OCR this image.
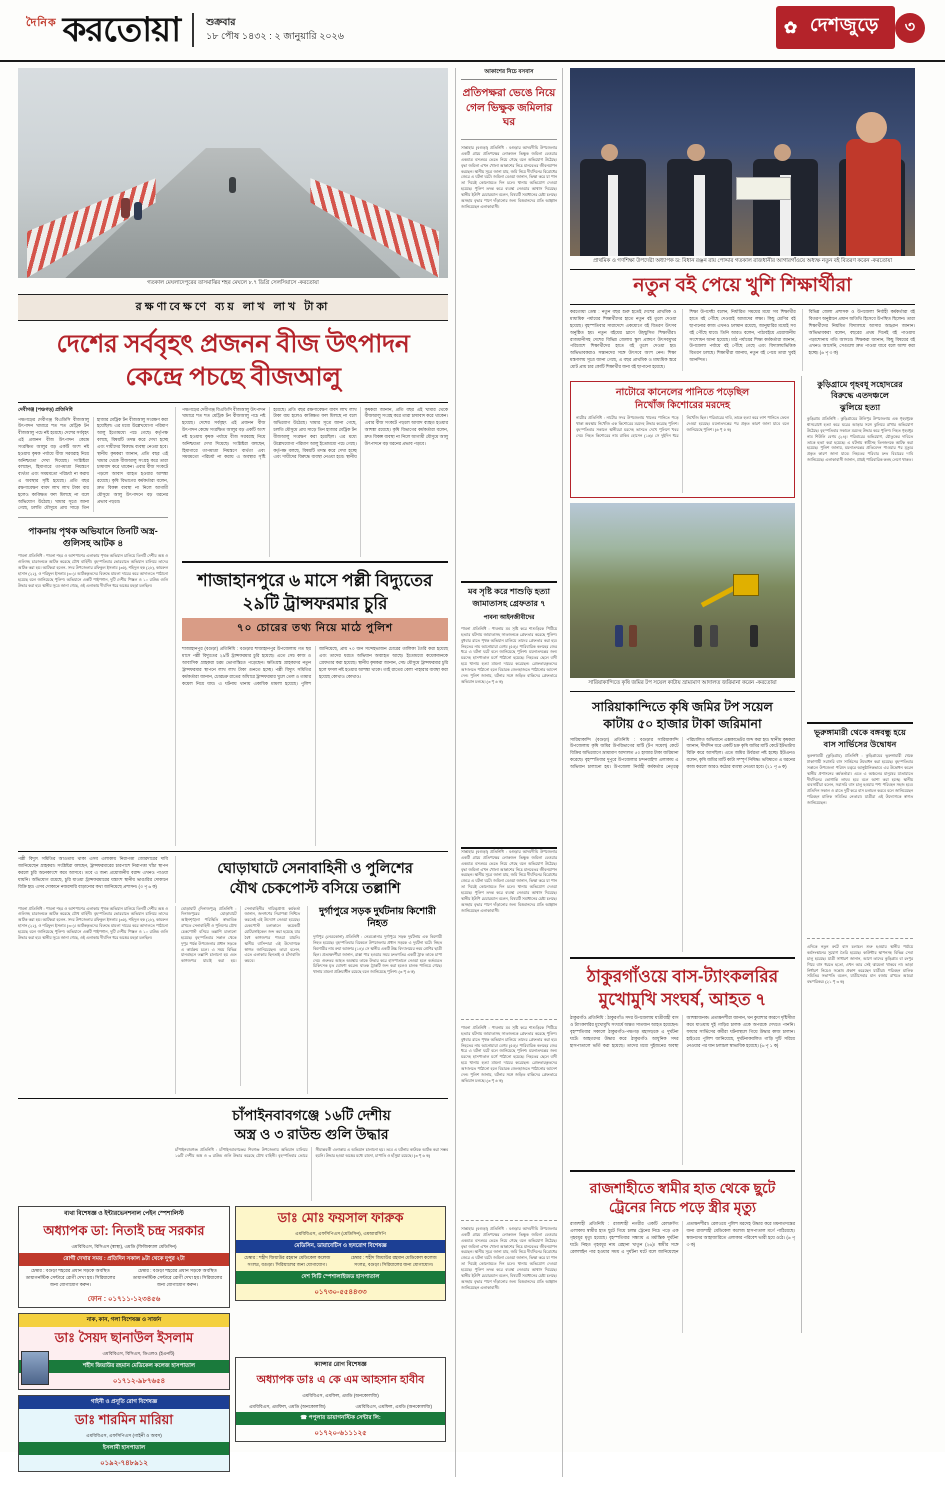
দৈনিক করতোয়া	শুক্রবার
১৮ পৌষ ১৪৩২ : ২ জানুয়ারি ২০২৬	✿ দেশজুড়ে	৩
গতকাল মেঘলাদেপুরের তাসমাঝির শহর মেঘলে ৮.৭ ডিগ্রি সেলসিয়াসে -করতোয়া
রক্ষণাবেক্ষণে ব্যয় লাখ লাখ টাকা
দেশের সর্ববৃহৎ প্রজনন বীজ উৎপাদন
কেন্দ্রে পচছে বীজআলু
দেবীগঞ্জ (পঞ্চগড়) প্রতিনিধি
পঞ্চগড়ের দেবীগঞ্জ বিএডিসি বীজআলু উৎপাদন খামারে শত শত মেট্রিক টন বীজআলু পচে নষ্ট হয়েছে। দেশের সর্ববৃহৎ এই প্রজনন বীজ উৎপাদন কেন্দ্রে সংরক্ষিত আলুর বড় একটি অংশ নষ্ট হওয়ায় কৃষক পর্যায়ে বীজ সরবরাহ নিয়ে অনিশ্চয়তা দেখা দিয়েছে। সংশ্লিষ্টরা বলছেন, হিমাগারে তাপমাত্রা নিয়ন্ত্রণে ব্যর্থতা এবং সময়মতো পরিচর্যা না করায় এ অবস্থার সৃষ্টি হয়েছে। প্রতি বছর রক্ষণাবেক্ষণ বাবদ লাখ লাখ টাকা ব্যয় হলেও কাঙ্ক্ষিত ফল মিলছে না বলে অভিযোগ উঠেছে। খামার সূত্রে জানা গেছে, চলতি মৌসুমে প্রায় সাড়ে তিন হাজার মেট্রিক টন বীজআলু সংরক্ষণ করা হয়েছিল। এর মধ্যে উল্লেখযোগ্য পরিমাণ আলু ইতোমধ্যে পচে গেছে। কর্তৃপক্ষ বলছে, বিষয়টি তদন্ত করে দেখা হচ্ছে এবং দায়ীদের বিরুদ্ধে ব্যবস্থা নেওয়া হবে। স্থানীয় কৃষকরা জানান, প্রতি বছর এই খামার থেকে বীজআলু সংগ্রহ করে তারা চাষাবাদ করে থাকেন। এবার বীজ সংকটে পড়লে আবাদ ব্যাহত হওয়ার আশঙ্কা রয়েছে। কৃষি বিভাগের কর্মকর্তারা বলেন, দ্রুত বিকল্প ব্যবস্থা না নিলে আগামী মৌসুমে আলু উৎপাদনে বড় ধরনের প্রভাব পড়বে।
পাকনায় পৃথক অভিযানে তিনটি অস্ত্র-গুলিসহ আটক ৪
পাবনা প্রতিনিধি : পাবনা শহর ও আশপাশের এলাকায় পৃথক অভিযান চালিয়ে তিনটি দেশীয় অস্ত্র ও গুলিসহ চারজনকে আটক করেছে যৌথ বাহিনী। বৃহস্পতিবার ভোররাতে অভিযান চালিয়ে তাদের আটক করা হয়। আটকরা হলেন- সদর উপজেলার রফিকুল ইসলাম (৩৫), শহিদুল হক (২৮), কামরুল হাসান (২২), ও শরিফুল ইসলাম (৩০)। আটককৃতদের বিরুদ্ধে মামলা দায়ের করে আদালতে পাঠানো হয়েছে বলে জানিয়েছে পুলিশ। অভিযানে একটি পাইপগান, দুটি দেশীয় পিস্তল ও ১০ রাউন্ড গুলি উদ্ধার করা হয়। স্থানীয় সূত্রে জানা গেছে, ওই এলাকায় দীর্ঘদিন ধরে অস্ত্রের মহড়া চলছিল।
পঞ্চগড়ের দেবীগঞ্জ বিএডিসি বীজআলু উৎপাদন খামারে শত শত মেট্রিক টন বীজআলু পচে নষ্ট হয়েছে। দেশের সর্ববৃহৎ এই প্রজনন বীজ উৎপাদন কেন্দ্রে সংরক্ষিত আলুর বড় একটি অংশ নষ্ট হওয়ায় কৃষক পর্যায়ে বীজ সরবরাহ নিয়ে অনিশ্চয়তা দেখা দিয়েছে। সংশ্লিষ্টরা বলছেন, হিমাগারে তাপমাত্রা নিয়ন্ত্রণে ব্যর্থতা এবং সময়মতো পরিচর্যা না করায় এ অবস্থার সৃষ্টি হয়েছে। প্রতি বছর রক্ষণাবেক্ষণ বাবদ লাখ লাখ টাকা ব্যয় হলেও কাঙ্ক্ষিত ফল মিলছে না বলে অভিযোগ উঠেছে। খামার সূত্রে জানা গেছে, চলতি মৌসুমে প্রায় সাড়ে তিন হাজার মেট্রিক টন বীজআলু সংরক্ষণ করা হয়েছিল। এর মধ্যে উল্লেখযোগ্য পরিমাণ আলু ইতোমধ্যে পচে গেছে। কর্তৃপক্ষ বলছে, বিষয়টি তদন্ত করে দেখা হচ্ছে এবং দায়ীদের বিরুদ্ধে ব্যবস্থা নেওয়া হবে। স্থানীয় কৃষকরা জানান, প্রতি বছর এই খামার থেকে বীজআলু সংগ্রহ করে তারা চাষাবাদ করে থাকেন। এবার বীজ সংকটে পড়লে আবাদ ব্যাহত হওয়ার আশঙ্কা রয়েছে। কৃষি বিভাগের কর্মকর্তারা বলেন, দ্রুত বিকল্প ব্যবস্থা না নিলে আগামী মৌসুমে আলু উৎপাদনে বড় ধরনের প্রভাব পড়বে।
শাজাহানপুরে ৬ মাসে পল্লী বিদ্যুতের
২৯টি ট্রান্সফরমার চুরি
৭০ চোরের তথ্য নিয়ে মাঠে পুলিশ
শাজাহানপুর (বগুড়া) প্রতিনিধি : বগুড়ার শাজাহানপুর উপজেলায় গত ছয় মাসে পল্লী বিদ্যুতের ২৯টি ট্রান্সফরমার চুরি হয়েছে। এতে সেচ কাজ ও আবাসিক গ্রাহকরা চরম ভোগান্তিতে পড়েছেন। ক্ষতিগ্রস্ত গ্রাহকদের নতুন ট্রান্সফরমার স্থাপনে লাখ লাখ টাকা গুনতে হচ্ছে। পল্লী বিদ্যুৎ সমিতির কর্মকর্তারা জানান, চোরচক্র রাতের আঁধারে ট্রান্সফরমার খুলে তেল ও তামার কয়েল নিয়ে যায়। এ ঘটনায় থানায় একাধিক মামলা হয়েছে। পুলিশ জানিয়েছে, প্রায় ৭০ জন সন্দেহভাজন চোরের তালিকা তৈরি করা হয়েছে এবং তাদের ধরতে অভিযান অব্যাহত আছে। ইতোমধ্যে কয়েকজনকে গ্রেফতার করা হয়েছে। স্থানীয় কৃষকরা জানান, সেচ মৌসুমে ট্রান্সফরমার চুরি হলে ফসল নষ্ট হওয়ার আশঙ্কা থাকে। তাই রাতের বেলা পাহারার ব্যবস্থা করা হয়েছে কোথাও কোথাও।
পল্লী বিদ্যুৎ সমিতির আওতায় থাকা এসব এলাকায় নিরাপত্তা জোরদারের দাবি জানিয়েছেন গ্রাহকরা। সংশ্লিষ্টরা বলছেন, ট্রান্সফরমারের চারপাশে নিরাপত্তা খাঁচা স্থাপন করলে চুরি অনেকাংশে কমে আসবে। তবে এ জন্য প্রয়োজনীয় বরাদ্দ এখনও পাওয়া যায়নি। অভিযোগ রয়েছে, চুরি যাওয়া ট্রান্সফরমারের যন্ত্রাংশ স্থানীয় ভাঙারির দোকানে বিক্রি হয়। এসব দোকানে নজরদারি বাড়ানোর কথা জানিয়েছে প্রশাসন। (৩ পৃ ৬ ক)
ঘোড়াঘাটে সেনাবাহিনী ও পুলিশের
যৌথ চেকপোস্ট বসিয়ে তল্লাশি
পাবনা প্রতিনিধি : পাবনা শহর ও আশপাশের এলাকায় পৃথক অভিযান চালিয়ে তিনটি দেশীয় অস্ত্র ও গুলিসহ চারজনকে আটক করেছে যৌথ বাহিনী। বৃহস্পতিবার ভোররাতে অভিযান চালিয়ে তাদের আটক করা হয়। আটকরা হলেন- সদর উপজেলার রফিকুল ইসলাম (৩৫), শহিদুল হক (২৮), কামরুল হাসান (২২), ও শরিফুল ইসলাম (৩০)। আটককৃতদের বিরুদ্ধে মামলা দায়ের করে আদালতে পাঠানো হয়েছে বলে জানিয়েছে পুলিশ। অভিযানে একটি পাইপগান, দুটি দেশীয় পিস্তল ও ১০ রাউন্ড গুলি উদ্ধার করা হয়। স্থানীয় সূত্রে জানা গেছে, ওই এলাকায় দীর্ঘদিন ধরে অস্ত্রের মহড়া চলছিল।
ঘোড়াঘাট (দিনাজপুর) প্রতিনিধি : দিনাজপুরের ঘোড়াঘাটে আইনশৃঙ্খলা পরিস্থিতি স্বাভাবিক রাখতে সেনাবাহিনী ও পুলিশের যৌথ চেকপোস্ট বসিয়ে তল্লাশি চালানো হয়েছে। বৃহস্পতিবার সকাল থেকে দুপুর পর্যন্ত উপজেলার প্রধান সড়কে এ কার্যক্রম চলে। এ সময় বিভিন্ন যানবাহনে তল্লাশি চালানো হয় এবং কাগজপত্র যাচাই করা হয়। সেনাবাহিনীর দায়িত্বপ্রাপ্ত কর্মকর্তা জানান, জনগণের নিরাপত্তা নিশ্চিত করতেই এই উদ্যোগ নেওয়া হয়েছে। চেকপোস্ট চলাকালে কয়েকটি মোটরসাইকেল জব্দ করা হয়েছে যার বৈধ কাগজপত্র পাওয়া যায়নি। স্থানীয় বাসিন্দারা এই উদ্যোগকে স্বাগত জানিয়েছেন। তারা বলেন, এতে এলাকায় ছিনতাই ও চাঁদাবাজি কমবে।
দুর্গাপুরে সড়ক দুর্ঘটনায় কিশোরী নিহত
দুর্গাপুর (নেত্রকোনা) প্রতিনিধি : নেত্রকোনার দুর্গাপুরে সড়ক দুর্ঘটনায় এক কিশোরী নিহত হয়েছে। বৃহস্পতিবার বিকেলে উপজেলার প্রধান সড়কে এ দুর্ঘটনা ঘটে। নিহত কিশোরীর নাম রুমা আক্তার (১৪)। সে স্থানীয় একটি উচ্চ বিদ্যালয়ের নবম শ্রেণির ছাত্রী ছিল। প্রত্যক্ষদর্শীরা জানান, রাস্তা পার হওয়ার সময় দ্রুতগতির একটি ট্রাক তাকে চাপা দেয়। গুরুতর আহত অবস্থায় তাকে উদ্ধার করে হাসপাতালে নেওয়া হলে কর্তব্যরত চিকিৎসক মৃত ঘোষণা করেন। ঘাতক ট্রাকটি জব্দ করা হলেও চালক পালিয়ে গেছে। থানায় মামলা প্রক্রিয়াধীন রয়েছে বলে জানিয়েছে পুলিশ। (৩ পৃ ৬ ক)
চাঁপাইনবাবগঞ্জে ১৬টি দেশীয়
অস্ত্র ও ৩ রাউন্ড গুলি উদ্ধার
চাঁপাইনবাবগঞ্জ প্রতিনিধি : চাঁপাইনবাবগঞ্জের শিবগঞ্জ উপজেলায় অভিযান চালিয়ে ১৬টি দেশীয় অস্ত্র ও ৩ রাউন্ড গুলি উদ্ধার করেছে যৌথ বাহিনী। বৃহস্পতিবার ভোরে সীমান্তবর্তী এলাকায় এ অভিযান চালানো হয়। তবে এ ঘটনায় কাউকে আটক করা সম্ভব হয়নি। উদ্ধার হওয়া অস্ত্রের মধ্যে রামদা, চাপাতি ও হাঁসুয়া রয়েছে। (৩ পৃ ৬ ক)
ব্যথা বিশেষজ্ঞ ও ইন্টারভেনশনাল পেইন স্পেশালিস্ট
অধ্যাপক ডা: নিতাই চন্দ্র সরকার
এমবিবিএস, বিসিএস (স্বাস্থ্য), এমডি (ফিজিক্যাল মেডিসিন)
রোগী দেখার সময় : প্রতিদিন সকাল ৯টা থেকে দুপুর ২টা
চেম্বার : বগুড়া শহরের প্রধান সড়কে অবস্থিত ডায়াগনস্টিক সেন্টারে রোগী দেখা হয়। সিরিয়ালের জন্য যোগাযোগ করুন।
চেম্বার : বগুড়া শহরের প্রধান সড়কে অবস্থিত ডায়াগনস্টিক সেন্টারে রোগী দেখা হয়। সিরিয়ালের জন্য যোগাযোগ করুন।
ফোন : ০১৭১১-১২৩৪৫৬
নাক, কান, গলা বিশেষজ্ঞ ও সার্জন
ডাঃ সৈয়দ ছানাউল ইসলাম
এমবিবিএস, বিসিএস, ডিএলও (ইএনটি)
শহীদ জিয়াউর রহমান মেডিকেল কলেজ হাসপাতাল
০১৭১২-৯৮৭৬৫৪
গাইনী ও প্রসূতি রোগ বিশেষজ্ঞ
ডাঃ শারমিন মারিয়া
এমবিবিএস, এফসিপিএস (গাইনী ও অবস)
ইসলামী হাসপাতাল
০১৯২-৭৪৮৯১২
ডাঃ মোঃ ফয়সাল ফারুক
এমবিবিএস, এফসিপিএস (মেডিসিন), এমআরসিপি
মেডিসিন, ডায়াবেটিস ও হৃদরোগ বিশেষজ্ঞ
চেম্বার : শহীদ জিয়াউর রহমান মেডিকেল কলেজ সংলগ্ন, বগুড়া। সিরিয়ালের জন্য যোগাযোগ।
চেম্বার : শহীদ জিয়াউর রহমান মেডিকেল কলেজ সংলগ্ন, বগুড়া। সিরিয়ালের জন্য যোগাযোগ।
দেশ সিটি স্পেশালাইজড হাসপাতাল
০১৭৩০-৫৫৪৪৩৩
ক্যান্সার রোগ বিশেষজ্ঞ
অধ্যাপক ডাঃ এ কে এম আহসান হাবীব
এমবিবিএস, এমফিল, এমডি (অনকোলজি)
এমবিবিএস, এমফিল, এমডি (অনকোলজি)	এমবিবিএস, এমফিল, এমডি (অনকোলজি)
☎ পপুলার ডায়াগনস্টিক সেন্টার লি:
০১৭২০-৬১১১২৫
আকাশের নিচে বসবাস
প্রতিপক্ষরা ভেঙে নিয়ে গেল ভিক্ষুক জমিলার ঘর
সান্তাহার (বগুড়া) প্রতিনিধি : বগুড়ার আদমদীঘি উপজেলার একটি গ্রামে প্রতিপক্ষের লোকজন ভিক্ষুক জমিলা বেওয়ার একমাত্র বসতঘর ভেঙে নিয়ে গেছে বলে অভিযোগ উঠেছে। বৃদ্ধা জমিলা এখন খোলা আকাশের নিচে মানবেতর জীবনযাপন করছেন। স্থানীয় সূত্রে জানা যায়, জমি নিয়ে দীর্ঘদিনের বিরোধের জেরে এ ঘটনা ঘটে। জমিলা বেওয়া জানান, ভিক্ষা করে যা পান তা দিয়েই কোনোমতে দিন চলে। থানায় অভিযোগ দেওয়া হয়েছে। পুলিশ তদন্ত করে ব্যবস্থা নেওয়ার আশ্বাস দিয়েছে। স্থানীয় ইউপি চেয়ারম্যান বলেন, বিষয়টি সমাধানের চেষ্টা চলছে। অসহায় বৃদ্ধার পাশে দাঁড়ানোর জন্য বিত্তবানদের প্রতি আহ্বান জানিয়েছেন এলাকাবাসী।
মব সৃষ্টি করে শাশুড়ি হত্যা
জামাতাসহ গ্রেফতার ৭
পাবনা আইনজীবীদের
পাবনা প্রতিনিধি : পাবনায় মব সৃষ্টি করে শাশুড়িকে পিটিয়ে হত্যার ঘটনায় জামাতাসহ সাতজনকে গ্রেফতার করেছে পুলিশ। বুধবার রাতে পৃথক অভিযান চালিয়ে তাদের গ্রেফতার করা হয়। নিহতের নাম আনোয়ারা বেগম (৫৫)। পারিবারিক কলহের জের ধরে এ ঘটনা ঘটে বলে জানিয়েছে পুলিশ। ময়নাতদন্তের জন্য মরদেহ হাসপাতাল মর্গে পাঠানো হয়েছে। নিহতের ছেলে বাদী হয়ে থানায় হত্যা মামলা দায়ের করেছেন। গ্রেফতারকৃতদের আদালতে পাঠানো হলে বিচারক জেলহাজতে পাঠানোর আদেশ দেন। পুলিশ জানায়, ঘটনার সঙ্গে জড়িত বাকিদের গ্রেফতারে অভিযান চলছে। (৩ পৃ ৬ ক)
সান্তাহার (বগুড়া) প্রতিনিধি : বগুড়ার আদমদীঘি উপজেলার একটি গ্রামে প্রতিপক্ষের লোকজন ভিক্ষুক জমিলা বেওয়ার একমাত্র বসতঘর ভেঙে নিয়ে গেছে বলে অভিযোগ উঠেছে। বৃদ্ধা জমিলা এখন খোলা আকাশের নিচে মানবেতর জীবনযাপন করছেন। স্থানীয় সূত্রে জানা যায়, জমি নিয়ে দীর্ঘদিনের বিরোধের জেরে এ ঘটনা ঘটে। জমিলা বেওয়া জানান, ভিক্ষা করে যা পান তা দিয়েই কোনোমতে দিন চলে। থানায় অভিযোগ দেওয়া হয়েছে। পুলিশ তদন্ত করে ব্যবস্থা নেওয়ার আশ্বাস দিয়েছে। স্থানীয় ইউপি চেয়ারম্যান বলেন, বিষয়টি সমাধানের চেষ্টা চলছে। অসহায় বৃদ্ধার পাশে দাঁড়ানোর জন্য বিত্তবানদের প্রতি আহ্বান জানিয়েছেন এলাকাবাসী।
পাবনা প্রতিনিধি : পাবনায় মব সৃষ্টি করে শাশুড়িকে পিটিয়ে হত্যার ঘটনায় জামাতাসহ সাতজনকে গ্রেফতার করেছে পুলিশ। বুধবার রাতে পৃথক অভিযান চালিয়ে তাদের গ্রেফতার করা হয়। নিহতের নাম আনোয়ারা বেগম (৫৫)। পারিবারিক কলহের জের ধরে এ ঘটনা ঘটে বলে জানিয়েছে পুলিশ। ময়নাতদন্তের জন্য মরদেহ হাসপাতাল মর্গে পাঠানো হয়েছে। নিহতের ছেলে বাদী হয়ে থানায় হত্যা মামলা দায়ের করেছেন। গ্রেফতারকৃতদের আদালতে পাঠানো হলে বিচারক জেলহাজতে পাঠানোর আদেশ দেন। পুলিশ জানায়, ঘটনার সঙ্গে জড়িত বাকিদের গ্রেফতারে অভিযান চলছে। (৩ পৃ ৬ ক)
সান্তাহার (বগুড়া) প্রতিনিধি : বগুড়ার আদমদীঘি উপজেলার একটি গ্রামে প্রতিপক্ষের লোকজন ভিক্ষুক জমিলা বেওয়ার একমাত্র বসতঘর ভেঙে নিয়ে গেছে বলে অভিযোগ উঠেছে। বৃদ্ধা জমিলা এখন খোলা আকাশের নিচে মানবেতর জীবনযাপন করছেন। স্থানীয় সূত্রে জানা যায়, জমি নিয়ে দীর্ঘদিনের বিরোধের জেরে এ ঘটনা ঘটে। জমিলা বেওয়া জানান, ভিক্ষা করে যা পান তা দিয়েই কোনোমতে দিন চলে। থানায় অভিযোগ দেওয়া হয়েছে। পুলিশ তদন্ত করে ব্যবস্থা নেওয়ার আশ্বাস দিয়েছে। স্থানীয় ইউপি চেয়ারম্যান বলেন, বিষয়টি সমাধানের চেষ্টা চলছে। অসহায় বৃদ্ধার পাশে দাঁড়ানোর জন্য বিত্তবানদের প্রতি আহ্বান জানিয়েছেন এলাকাবাসী।
প্রাথমিক ও গণশিক্ষা উপদেষ্টা অধ্যাপক ড: বিধান রঞ্জন রায় পোদ্দার গতকাল রাজধানীর আগারগাঁওয়ে অধ্যক্ষ নতুন বই বিতরণ করেন -করতোয়া
নতুন বই পেয়ে খুশি শিক্ষার্থীরা
করতোয়া ডেস্ক : নতুন বছর শুরু হতেই দেশের প্রাথমিক ও মাধ্যমিক পর্যায়ের শিক্ষার্থীদের হাতে নতুন বই তুলে দেওয়া হয়েছে। বৃহস্পতিবার সারাদেশে একযোগে বই বিতরণ উৎসব অনুষ্ঠিত হয়। নতুন বইয়ের ঘ্রাণে উচ্ছ্বসিত শিক্ষার্থীরা। রাজধানীসহ দেশের বিভিন্ন জেলায় স্কুল প্রাঙ্গণে উৎসবমুখর পরিবেশে শিক্ষার্থীদের হাতে বই তুলে দেওয়া হয়। অভিভাবকরাও সন্তানদের সঙ্গে উৎসবে অংশ নেন। শিক্ষা মন্ত্রণালয় সূত্রে জানা গেছে, এ বছর প্রাথমিক ও মাধ্যমিক স্তরে মোট প্রায় চার কোটি শিক্ষার্থীর জন্য বই ছাপানো হয়েছে।
শিক্ষা উপদেষ্টা বলেন, নির্ধারিত সময়ের মধ্যে সব শিক্ষার্থীর হাতে বই পৌঁছে দেওয়াই আমাদের লক্ষ্য। কিছু শ্রেণির বই ছাপানোর কাজ এখনও চলমান রয়েছে, জানুয়ারির মধ্যেই সব বই পৌঁছে যাবে। তিনি আরও বলেন, পাঠ্যবইয়ে প্রয়োজনীয় সংশোধন আনা হয়েছে। মাঠ পর্যায়ের শিক্ষা কর্মকর্তারা জানান, উপজেলা পর্যায়ে বই পৌঁছে গেছে এবং বিদ্যালয়ভিত্তিক বিতরণ চলছে। শিক্ষার্থীরা জানায়, নতুন বই পেয়ে তারা খুবই আনন্দিত।
বিভিন্ন জেলা প্রশাসক ও উপজেলা নির্বাহী কর্মকর্তারা বই বিতরণ অনুষ্ঠানে প্রধান অতিথি হিসেবে উপস্থিত ছিলেন। তারা শিক্ষার্থীদের নিয়মিত বিদ্যালয়ে আসার আহ্বান জানান। অভিভাবকরা বলেন, বছরের প্রথম দিনেই বই পাওয়ায় পড়াশোনায় গতি আসবে। শিক্ষকরা জানান, কিছু বিষয়ের বই এখনও আসেনি, সেগুলো দ্রুত পাওয়া যাবে বলে আশা করা হচ্ছে। (৬ পৃ ৩ ক)
নাটোরে কানেলের পানিতে পড়েছিল
নিখোঁজ কিশোরের মরদেহ
নাটোর প্রতিনিধি : নাটোর সদর উপজেলায় খালের পানিতে পড়ে থাকা অবস্থায় নিখোঁজ এক কিশোরের মরদেহ উদ্ধার করেছে পুলিশ। বৃহস্পতিবার সকালে স্থানীয়রা মরদেহ ভাসতে দেখে পুলিশে খবর দেয়। নিহত কিশোরের নাম রাকিব হোসেন (১৬)। সে দুইদিন ধরে নিখোঁজ ছিল। পরিবারের দাবি, তাকে হত্যা করে লাশ পানিতে ফেলে দেওয়া হয়েছে। ময়নাতদন্তের পর প্রকৃত কারণ জানা যাবে বলে জানিয়েছে পুলিশ। (৬ পৃ ৫ ক)
সারিয়াকান্দিতে কৃষি জমির টপ সয়েল কাটায় ভ্রাম্যমাণ আদালত জরিমানা করেন -করতোয়া
সারিয়াকান্দিতে কৃষি জমির টপ সয়েল
কাটায় ৫০ হাজার টাকা জরিমানা
সারিয়াকান্দি (বগুড়া) প্রতিনিধি : বগুড়ার সারিয়াকান্দি উপজেলায় কৃষি জমির উপরিভাগের মাটি (টপ সয়েল) কেটে বিক্রির অভিযোগে ভ্রাম্যমাণ আদালত ৫০ হাজার টাকা জরিমানা করেছে। বৃহস্পতিবার দুপুরে উপজেলার চন্দনবাইশা এলাকায় এ অভিযান চালানো হয়। উপজেলা নির্বাহী কর্মকর্তার নেতৃত্বে পরিচালিত অভিযানে এক্সকাভেটর জব্দ করা হয়। স্থানীয় কৃষকরা জানান, দীর্ঘদিন ধরে একটি চক্র কৃষি জমির মাটি কেটে ইটভাটায় বিক্রি করে আসছিল। এতে জমির উর্বরতা নষ্ট হচ্ছে। ইউএনও বলেন, কৃষি জমির মাটি কাটা সম্পূর্ণ নিষিদ্ধ। ভবিষ্যতে এ ধরনের কাজ করলে আরও কঠোর ব্যবস্থা নেওয়া হবে। (২১ পৃ ৬ ক)
ঠাকুরগাঁওয়ে বাস-ট্যাংকলরির
মুখোমুখি সংঘর্ষ, আহত ৭
ঠাকুরগাঁও প্রতিনিধি : ঠাকুরগাঁও সদর উপজেলায় যাত্রীবাহী বাস ও ট্যাংকলরির মুখোমুখি সংঘর্ষে অন্তত সাতজন আহত হয়েছেন। বৃহস্পতিবার সকালে ঠাকুরগাঁও-পঞ্চগড় মহাসড়কে এ দুর্ঘটনা ঘটে। আহতদের উদ্ধার করে ঠাকুরগাঁও আধুনিক সদর হাসপাতালে ভর্তি করা হয়েছে। তাদের মধ্যে দুইজনের অবস্থা আশঙ্কাজনক। প্রত্যক্ষদর্শীরা জানান, ঘন কুয়াশার কারণে দৃষ্টিসীমা কমে যাওয়ায় দুই গাড়ির চালক একে অপরকে দেখতে পাননি। ফায়ার সার্ভিসের কর্মীরা ঘটনাস্থলে গিয়ে উদ্ধার কাজ চালান। হাইওয়ে পুলিশ জানিয়েছে, দুর্ঘটনাকবলিত গাড়ি দুটি সরিয়ে নেওয়ার পর যান চলাচল স্বাভাবিক হয়েছে। (৬ পৃ ১ ক)
রাজশাহীতে স্বামীর হাত থেকে ছুটে
ট্রেনের নিচে পড়ে স্ত্রীর মৃত্যু
রাজশাহী প্রতিনিধি : রাজশাহী নগরীর একটি রেলক্রসিং এলাকায় স্বামীর হাত ছুটে গিয়ে চলন্ত ট্রেনের নিচে পড়ে এক গৃহবধূর মৃত্যু হয়েছে। বৃহস্পতিবার সন্ধ্যায় এ মর্মান্তিক দুর্ঘটনা ঘটে। নিহত গৃহবধূর নাম রেহানা খাতুন (২৬)। স্বামীর সঙ্গে রেললাইন পার হওয়ার সময় এ দুর্ঘটনা ঘটে বলে জানিয়েছেন প্রত্যক্ষদর্শীরা। রেলওয়ে পুলিশ মরদেহ উদ্ধার করে ময়নাতদন্তের জন্য রাজশাহী মেডিকেল কলেজ হাসপাতাল মর্গে পাঠিয়েছে। স্বজনদের আহাজারিতে এলাকার পরিবেশ ভারী হয়ে ওঠে। (৬ পৃ ৩ ক)
কুড়িগ্রামে গৃহবধূ সহোদরের
বিরুদ্ধে এতদঞ্চলে
ঝুলিয়ে হত্যা
কুড়িগ্রাম প্রতিনিধি : কুড়িগ্রামের উলিপুর উপজেলায় এক গৃহবধূকে শ্বাসরোধে হত্যা করে ঘরের আড়ার সঙ্গে ঝুলিয়ে রাখার অভিযোগ উঠেছে। বৃহস্পতিবার সকালে মরদেহ উদ্ধার করে পুলিশ। নিহত গৃহবধূর নাম শিউলি বেগম (২৪)। পরিবারের অভিযোগ, যৌতুকের দাবিতে তাকে হত্যা করা হয়েছে। এ ঘটনায় স্বামীসহ তিনজনকে আটক করা হয়েছে। পুলিশ জানায়, ময়নাতদন্তের প্রতিবেদন পাওয়ার পর মৃত্যুর প্রকৃত কারণ জানা যাবে। নিহতের পরিবার দ্রুত বিচারের দাবি জানিয়েছে। এলাকাবাসী জানান, প্রায়ই পারিবারিক কলহ লেগে থাকত।
ভূরুঙ্গামারী থেকে বঙ্গবন্ধু হয়ে
বাস সার্ভিসের উদ্বোধন
ভূরুঙ্গামারী (কুড়িগ্রাম) প্রতিনিধি : কুড়িগ্রামের ভূরুঙ্গামারী থেকে ঢাকাগামী সরাসরি বাস সার্ভিসের উদ্বোধন করা হয়েছে। বৃহস্পতিবার সকালে উপজেলা পরিষদ চত্বরে আনুষ্ঠানিকভাবে এর উদ্বোধন করেন স্থানীয় প্রশাসনের কর্মকর্তারা। এতে এ অঞ্চলের মানুষের যাতায়াতে দীর্ঘদিনের ভোগান্তি লাঘব হবে বলে আশা করা হচ্ছে। স্থানীয় ব্যবসায়ীরা বলেন, সরাসরি বাস চালু হওয়ায় পণ্য পরিবহন সহজ হবে। প্রতিদিন সকাল ও রাতে দুটি করে বাস চলাচল করবে বলে জানিয়েছেন পরিবহন মালিক সমিতির নেতারা। যাত্রীরা এই উদ্যোগকে স্বাগত জানিয়েছেন।
এদিকে নতুন রুটে বাস চলাচল শুরু হওয়ায় স্থানীয় পর্যায়ে কর্মসংস্থানের সুযোগ তৈরি হয়েছে। কাউন্টার স্থাপনসহ বিভিন্ন সেবা চালু হয়েছে। যাত্রী সাধারণ জানান, আগে তাদের কুড়িগ্রাম বা রংপুর গিয়ে বাস ধরতে হতো, এখন আর সেই ঝামেলা থাকবে না। ভাড়া নির্ধারণ নিয়েও সন্তোষ প্রকাশ করেছেন যাত্রীরা। পরিবহন মালিক সমিতির সভাপতি বলেন, যাত্রীসেবার মান বজায় রাখতে আমরা বদ্ধপরিকর। (২১ পৃ ৩ ক)
